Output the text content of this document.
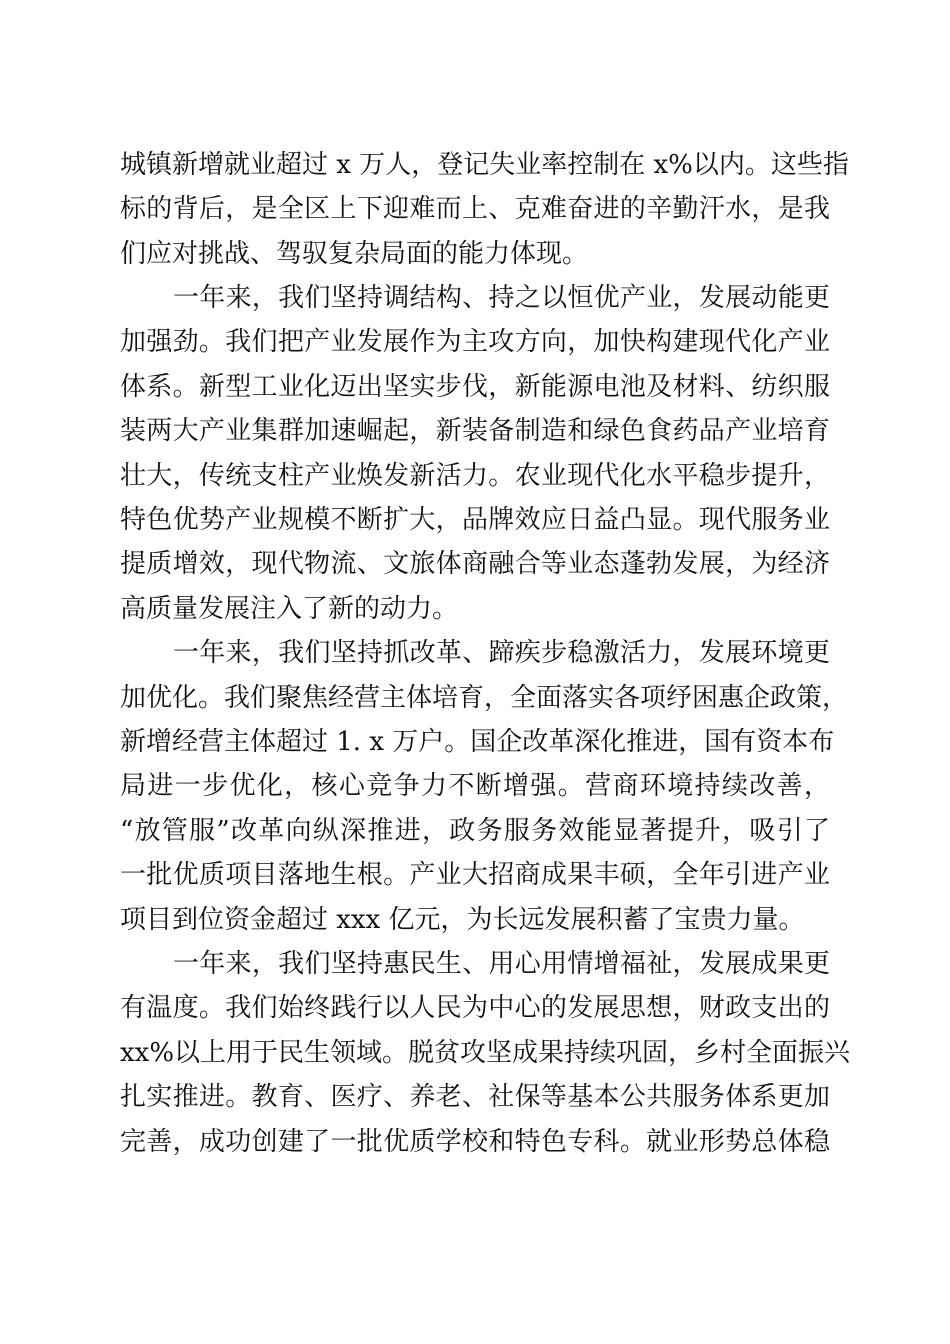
城镇新增就业超过 x 万人，登记失业率控制在 x%以内。这些指
标的背后，是全区上下迎难而上、克难奋进的辛勤汗水，是我
们应对挑战、驾驭复杂局面的能力体现。
一年来，我们坚持调结构、持之以恒优产业，发展动能更
加强劲。我们把产业发展作为主攻方向，加快构建现代化产业
体系。新型工业化迈出坚实步伐，新能源电池及材料、纺织服
装两大产业集群加速崛起，新装备制造和绿色食药品产业培育
壮大，传统支柱产业焕发新活力。农业现代化水平稳步提升，
特色优势产业规模不断扩大，品牌效应日益凸显。现代服务业
提质增效，现代物流、文旅体商融合等业态蓬勃发展，为经济
高质量发展注入了新的动力。
一年来，我们坚持抓改革、蹄疾步稳激活力，发展环境更
加优化。我们聚焦经营主体培育，全面落实各项纾困惠企政策，
新增经营主体超过 1. x 万户。国企改革深化推进，国有资本布
局进一步优化，核心竞争力不断增强。营商环境持续改善，
“放管服”改革向纵深推进，政务服务效能显著提升，吸引了
一批优质项目落地生根。产业大招商成果丰硕，全年引进产业
项目到位资金超过 xxx 亿元，为长远发展积蓄了宝贵力量。
一年来，我们坚持惠民生、用心用情增福祉，发展成果更
有温度。我们始终践行以人民为中心的发展思想，财政支出的
xx%以上用于民生领域。脱贫攻坚成果持续巩固，乡村全面振兴
扎实推进。教育、医疗、养老、社保等基本公共服务体系更加
完善，成功创建了一批优质学校和特色专科。就业形势总体稳
